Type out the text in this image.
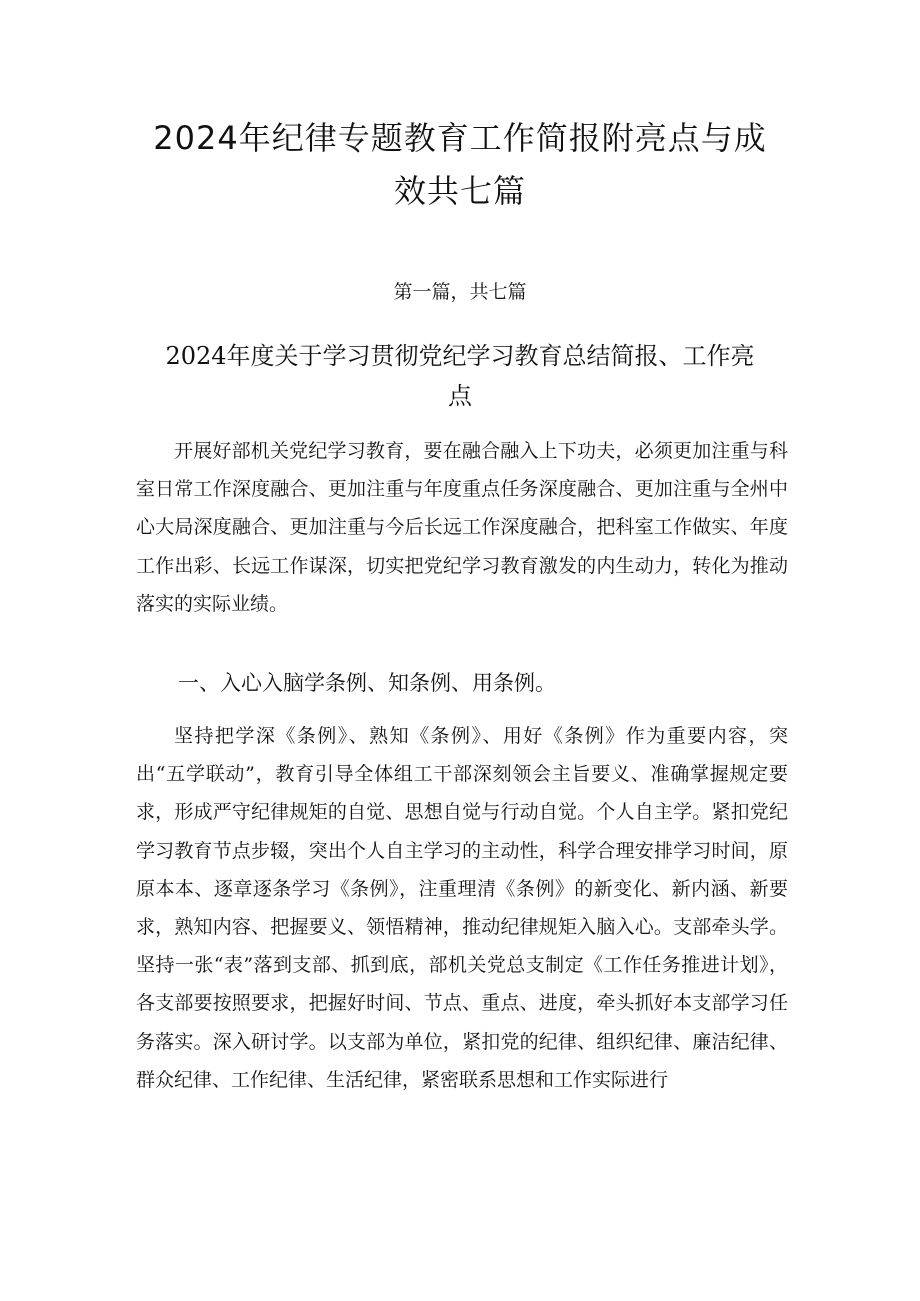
2024年纪律专题教育工作简报附亮点与成效共七篇
第一篇，共七篇
2024年度关于学习贯彻党纪学习教育总结简报、工作亮点

开展好部机关党纪学习教育，要在融合融入上下功夫，必须更加注重与科室日常工作深度融合、更加注重与年度重点任务深度融合、更加注重与全州中心大局深度融合、更加注重与今后长远工作深度融合，把科室工作做实、年度工作出彩、长远工作谋深，切实把党纪学习教育激发的内生动力，转化为推动落实的实际业绩。

一、入心入脑学条例、知条例、用条例。

坚持把学深《条例》、熟知《条例》、用好《条例》作为重要内容，突出“五学联动”，教育引导全体组工干部深刻领会主旨要义、准确掌握规定要求，形成严守纪律规矩的自觉、思想自觉与行动自觉。个人自主学。紧扣党纪学习教育节点步辍，突出个人自主学习的主动性，科学合理安排学习时间，原原本本、逐章逐条学习《条例》，注重理清《条例》的新变化、新内涵、新要求，熟知内容、把握要义、领悟精神，推动纪律规矩入脑入心。支部牵头学。坚持一张“表”落到支部、抓到底，部机关党总支制定《工作任务推进计划》，各支部要按照要求，把握好时间、节点、重点、进度，牵头抓好本支部学习任务落实。深入研讨学。以支部为单位，紧扣党的纪律、组织纪律、廉洁纪律、群众纪律、工作纪律、生活纪律，紧密联系思想和工作实际进行
